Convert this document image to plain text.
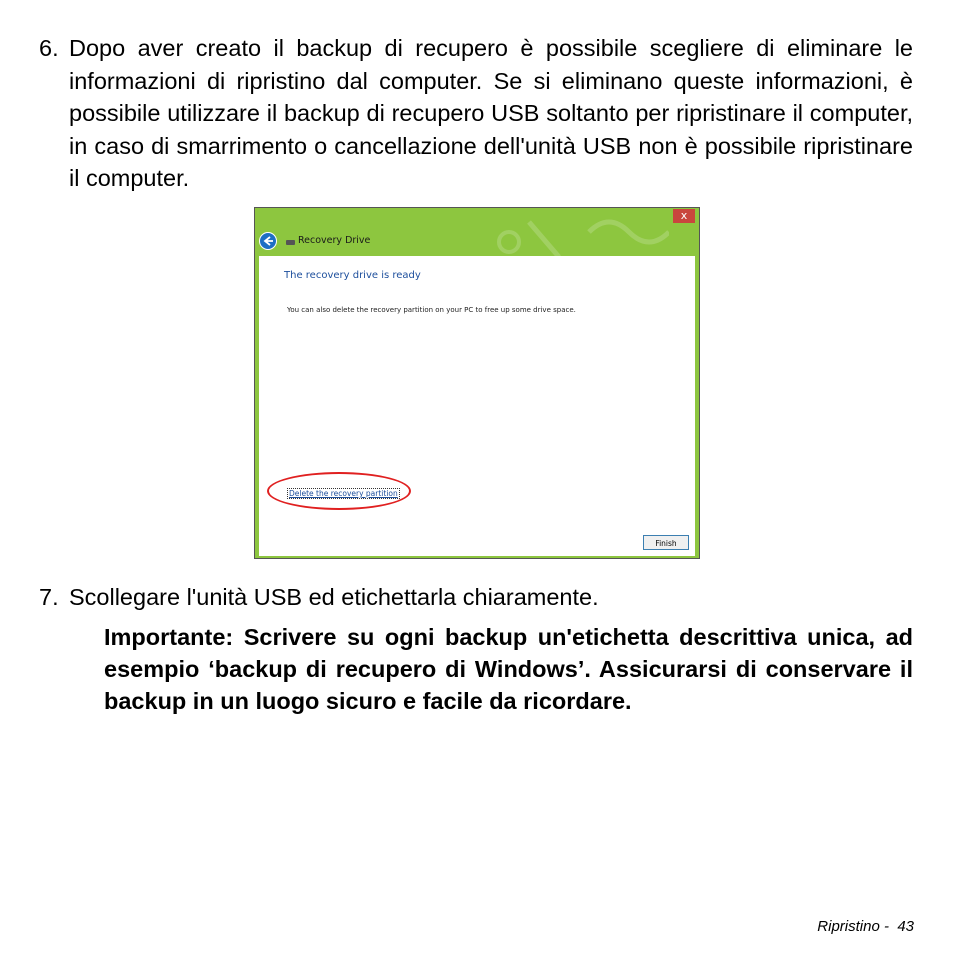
6. Dopo aver creato il backup di recupero è possibile scegliere di eliminare le informazioni di ripristino dal computer. Se si eliminano queste informazioni, è possibile utilizzare il backup di recupero USB soltanto per ripristinare il computer, in caso di smarrimento o cancellazione dell'unità USB non è possibile ripristinare il computer.
x
Recovery Drive
The recovery drive is ready
You can also delete the recovery partition on your PC to free up some drive space.
Delete the recovery partition
Finish
7. Scollegare l'unità USB ed etichettarla chiaramente.

Importante: Scrivere su ogni backup un'etichetta descrittiva unica, ad esempio ‘backup di recupero di Windows’. Assicurarsi di conservare il backup in un luogo sicuro e facile da ricordare.

Ripristino -  43
